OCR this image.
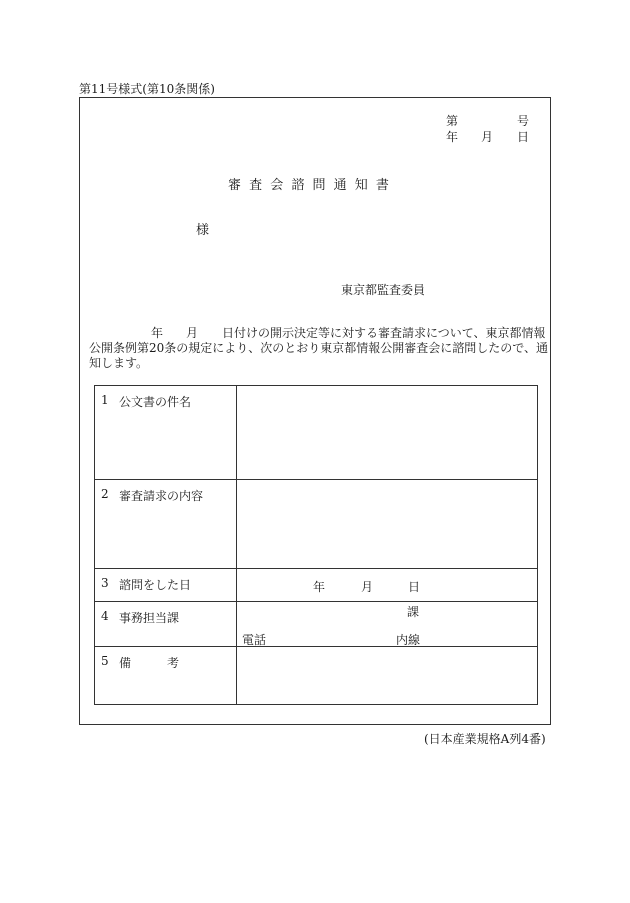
第11号様式(第10条関係)
第	号
年 月 日
審 査 会 諮 問 通 知 書
様
東京都監査委員
年 月 日付けの開示決定等に対する審査請求について、東京都情報
公開条例第20条の規定により、次のとおり東京都情報公開審査会に諮問したので、通
知します。
1 公文書の件名
2 審査請求の内容
3 諮問をした日	年	月	日
4 事務担当課	課
電話	内線
5 備　　　考
(日本産業規格A列4番)
